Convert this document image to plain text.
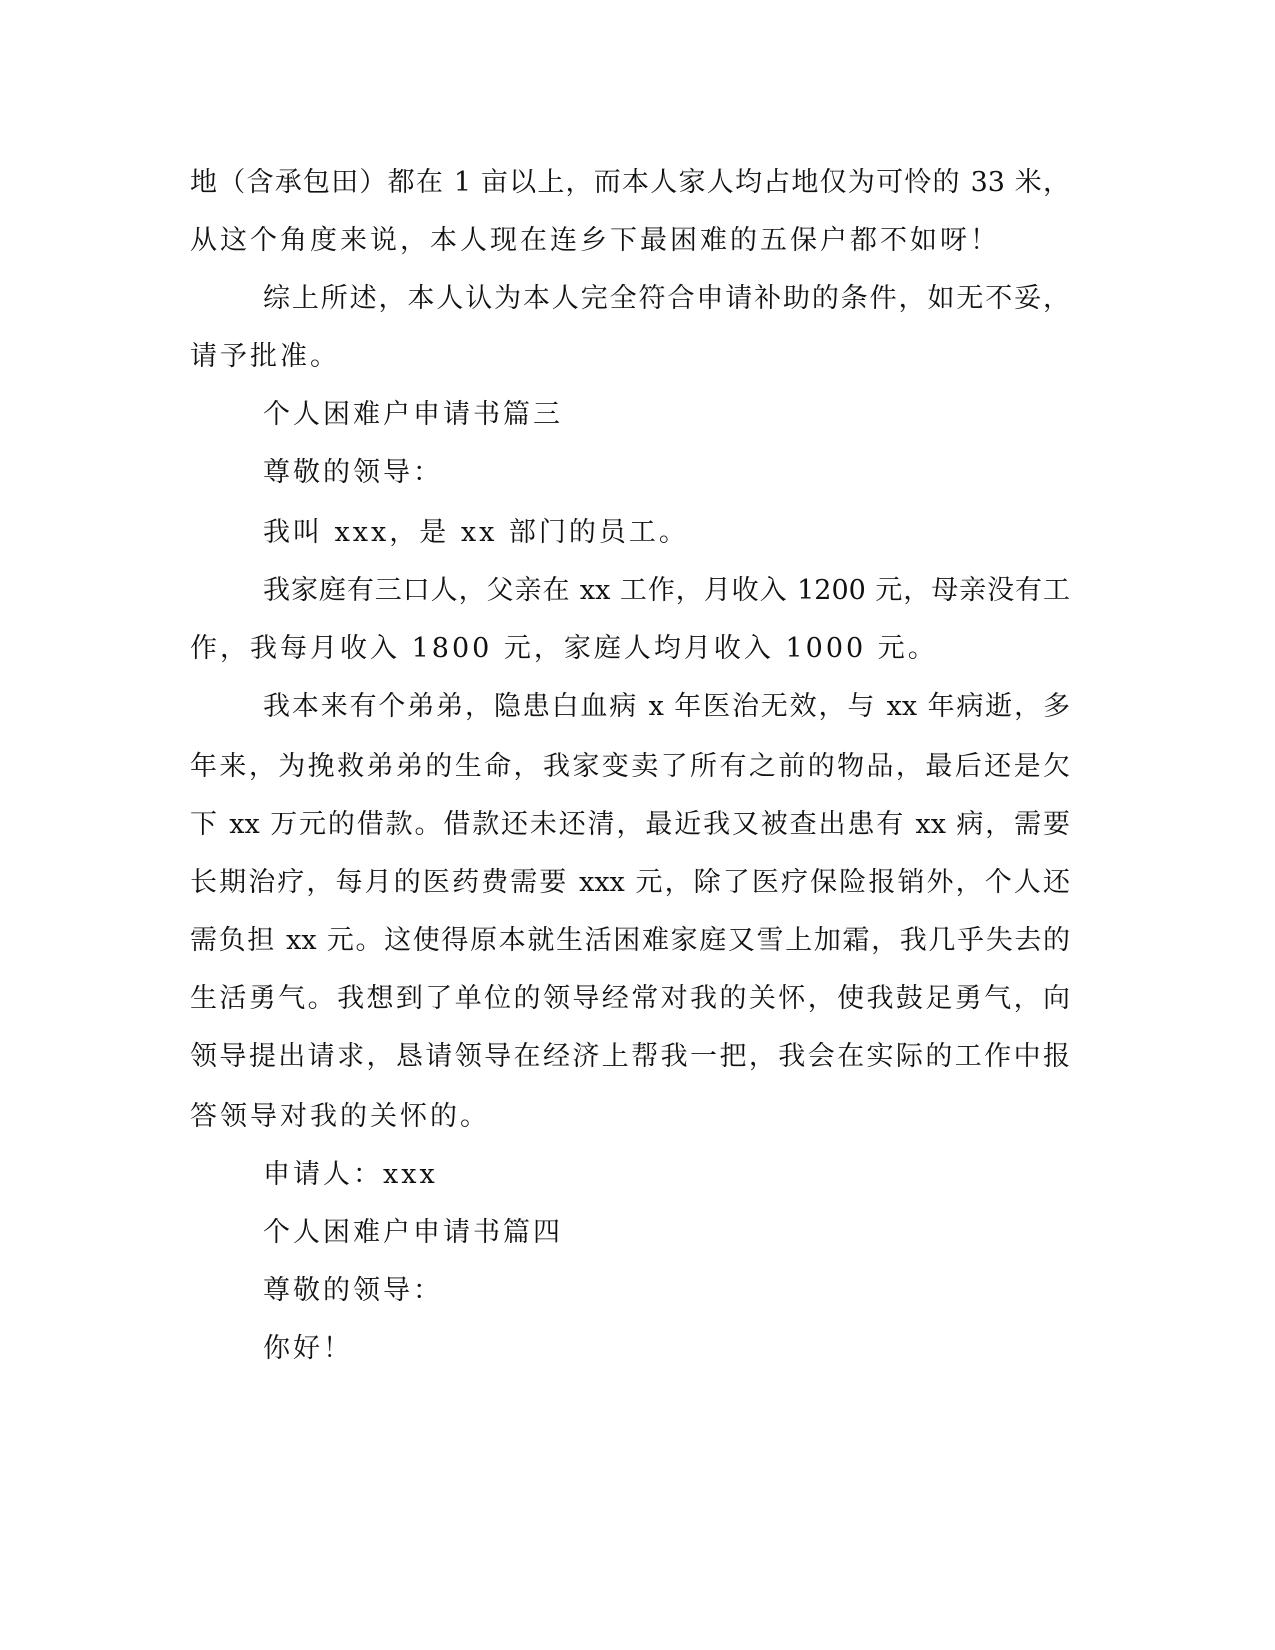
地（含承包田）都在 1 亩以上，而本人家人均占地仅为可怜的 33 米，
从这个角度来说，本人现在连乡下最困难的五保户都不如呀！
综上所述，本人认为本人完全符合申请补助的条件，如无不妥，
请予批准。
个人困难户申请书篇三
尊敬的领导：
我叫 xxx，是 xx 部门的员工。
我家庭有三口人，父亲在 xx 工作，月收入 1200 元，母亲没有工
作，我每月收入 1800 元，家庭人均月收入 1000 元。
我本来有个弟弟，隐患白血病 x 年医治无效，与 xx 年病逝，多
年来，为挽救弟弟的生命，我家变卖了所有之前的物品，最后还是欠
下 xx 万元的借款。借款还未还清，最近我又被查出患有 xx 病，需要
长期治疗，每月的医药费需要 xxx 元，除了医疗保险报销外，个人还
需负担 xx 元。这使得原本就生活困难家庭又雪上加霜，我几乎失去的
生活勇气。我想到了单位的领导经常对我的关怀，使我鼓足勇气，向
领导提出请求，恳请领导在经济上帮我一把，我会在实际的工作中报
答领导对我的关怀的。
申请人：xxx
个人困难户申请书篇四
尊敬的领导：
你好！
